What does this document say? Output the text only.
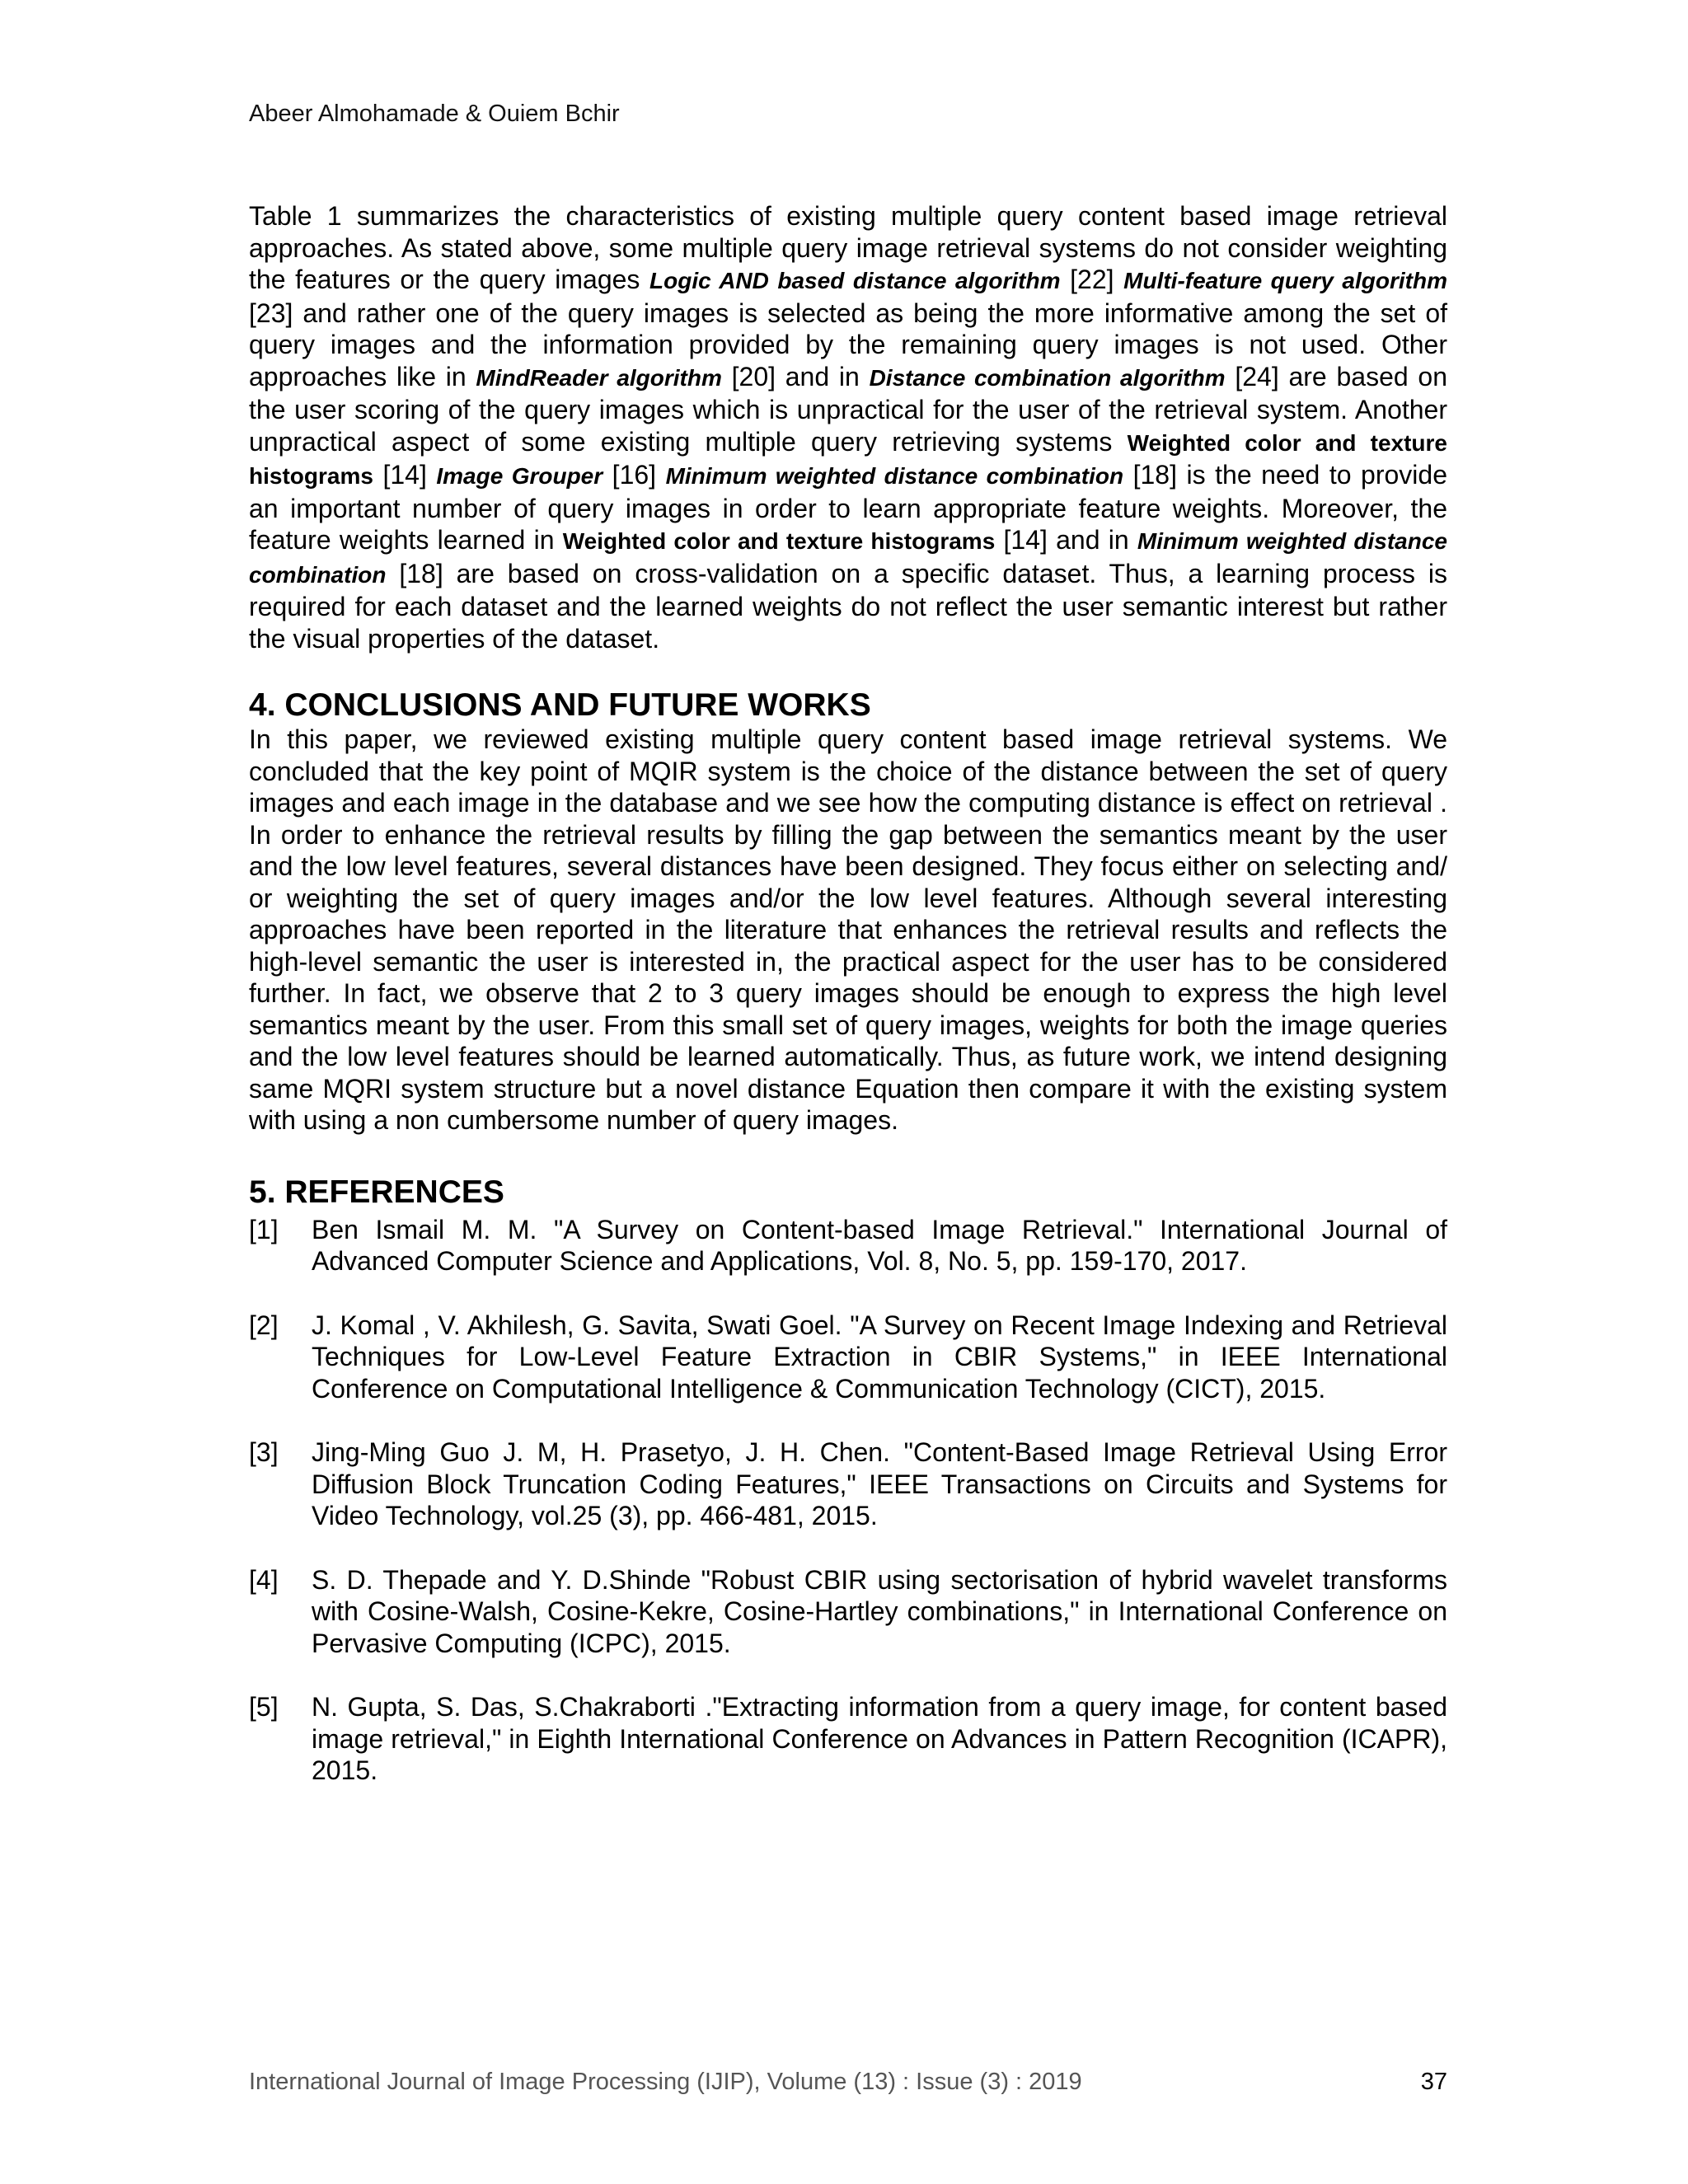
Abeer Almohamade & Ouiem Bchir

Table 1 summarizes the characteristics of existing multiple query content based image retrieval approaches. As stated above, some multiple query image retrieval systems do not consider weighting the features or the query images Logic AND based distance algorithm [22] Multi-feature query algorithm [23] and rather one of the query images is selected as being the more informative among the set of query images and the information provided by the remaining query images is not used. Other approaches like in MindReader algorithm [20] and in Distance combination algorithm [24] are based on the user scoring of the query images which is unpractical for the user of the retrieval system. Another unpractical aspect of some existing multiple query retrieving systems Weighted color and texture histograms [14] Image Grouper [16] Minimum weighted distance combination [18] is the need to provide an important number of query images in order to learn appropriate feature weights. Moreover, the feature weights learned in Weighted color and texture histograms [14] and in Minimum weighted distance combination [18] are based on cross-validation on a specific dataset. Thus, a learning process is required for each dataset and the learned weights do not reflect the user semantic interest but rather the visual properties of the dataset.

4. CONCLUSIONS AND FUTURE WORKS

In this paper, we reviewed existing multiple query content based image retrieval systems. We concluded that the key point of MQIR system is the choice of the distance between the set of query images and each image in the database and we see how the computing distance is effect on retrieval . In order to enhance the retrieval results by filling the gap between the semantics meant by the user and the low level features, several distances have been designed. They focus either on selecting and/ or weighting the set of query images and/or the low level features. Although several interesting approaches have been reported in the literature that enhances the retrieval results and reflects the high-level semantic the user is interested in, the practical aspect for the user has to be considered further. In fact, we observe that 2 to 3 query images should be enough to express the high level semantics meant by the user. From this small set of query images, weights for both the image queries and the low level features should be learned automatically. Thus, as future work, we intend designing same MQRI system structure but a novel distance Equation then compare it with the existing system with using a non cumbersome number of query images.

5. REFERENCES

[1] Ben Ismail M. M. "A Survey on Content-based Image Retrieval." International Journal of Advanced Computer Science and Applications, Vol. 8, No. 5, pp. 159-170, 2017.

[2] J. Komal , V. Akhilesh, G. Savita, Swati Goel. "A Survey on Recent Image Indexing and Retrieval Techniques for Low-Level Feature Extraction in CBIR Systems," in IEEE International Conference on Computational Intelligence & Communication Technology (CICT), 2015.

[3] Jing-Ming Guo J. M, H. Prasetyo, J. H. Chen. "Content-Based Image Retrieval Using Error Diffusion Block Truncation Coding Features," IEEE Transactions on Circuits and Systems for Video Technology, vol.25 (3), pp. 466-481, 2015.

[4] S. D. Thepade and Y. D.Shinde "Robust CBIR using sectorisation of hybrid wavelet transforms with Cosine-Walsh, Cosine-Kekre, Cosine-Hartley combinations," in International Conference on Pervasive Computing (ICPC), 2015.

[5] N. Gupta, S. Das, S.Chakraborti ."Extracting information from a query image, for content based image retrieval," in Eighth International Conference on Advances in Pattern Recognition (ICAPR), 2015.

International Journal of Image Processing (IJIP), Volume (13) : Issue (3) : 2019	37
